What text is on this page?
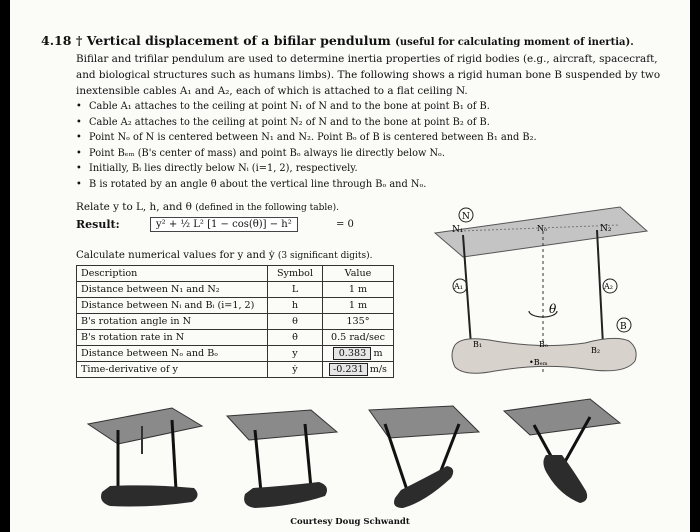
4.18 † Vertical displacement of a bifilar pendulum (useful for calculating moment of inertia).
Bifilar and trifilar pendulum are used to determine inertia properties of rigid bodies (e.g., aircraft, spacecraft, and biological structures such as humans limbs). The following shows a rigid human bone B suspended by two inextensible cables A₁ and A₂, each of which is attached to a flat ceiling N.
• Cable A₁ attaches to the ceiling at point N₁ of N and to the bone at point B₁ of B.
• Cable A₂ attaches to the ceiling at point N₂ of N and to the bone at point B₂ of B.
• Point Nₒ of N is centered between N₁ and N₂. Point Bₒ of B is centered between B₁ and B₂.
• Point Bₑₘ (B's center of mass) and point Bₒ always lie directly below Nₒ.
• Initially, Bᵢ lies directly below Nᵢ (i=1, 2), respectively.
• B is rotated by an angle θ about the vertical line through Bₒ and Nₒ.
Relate y to L, h, and θ (defined in the following table).
Result:	y² + ½ L² [1 − cos(θ)] − h²	= 0
Calculate numerical values for y and ẏ (3 significant digits).
Description	Symbol	Value
Distance between N₁ and N₂	L	1 m
Distance between Nᵢ and Bᵢ (i=1, 2)	h	1 m
B's rotation angle in N	θ	135°
B's rotation rate in N	θ̇	0.5 rad/sec
Distance between Nₒ and Bₒ	y	0.383 m
Time-derivative of y	ẏ	-0.231 m/s
N
N₁	Nₒ	N₂
A₁	A₂
θ
B
B₁	Bₒ
B₂
•Bₑₘ
Courtesy Doug Schwandt
